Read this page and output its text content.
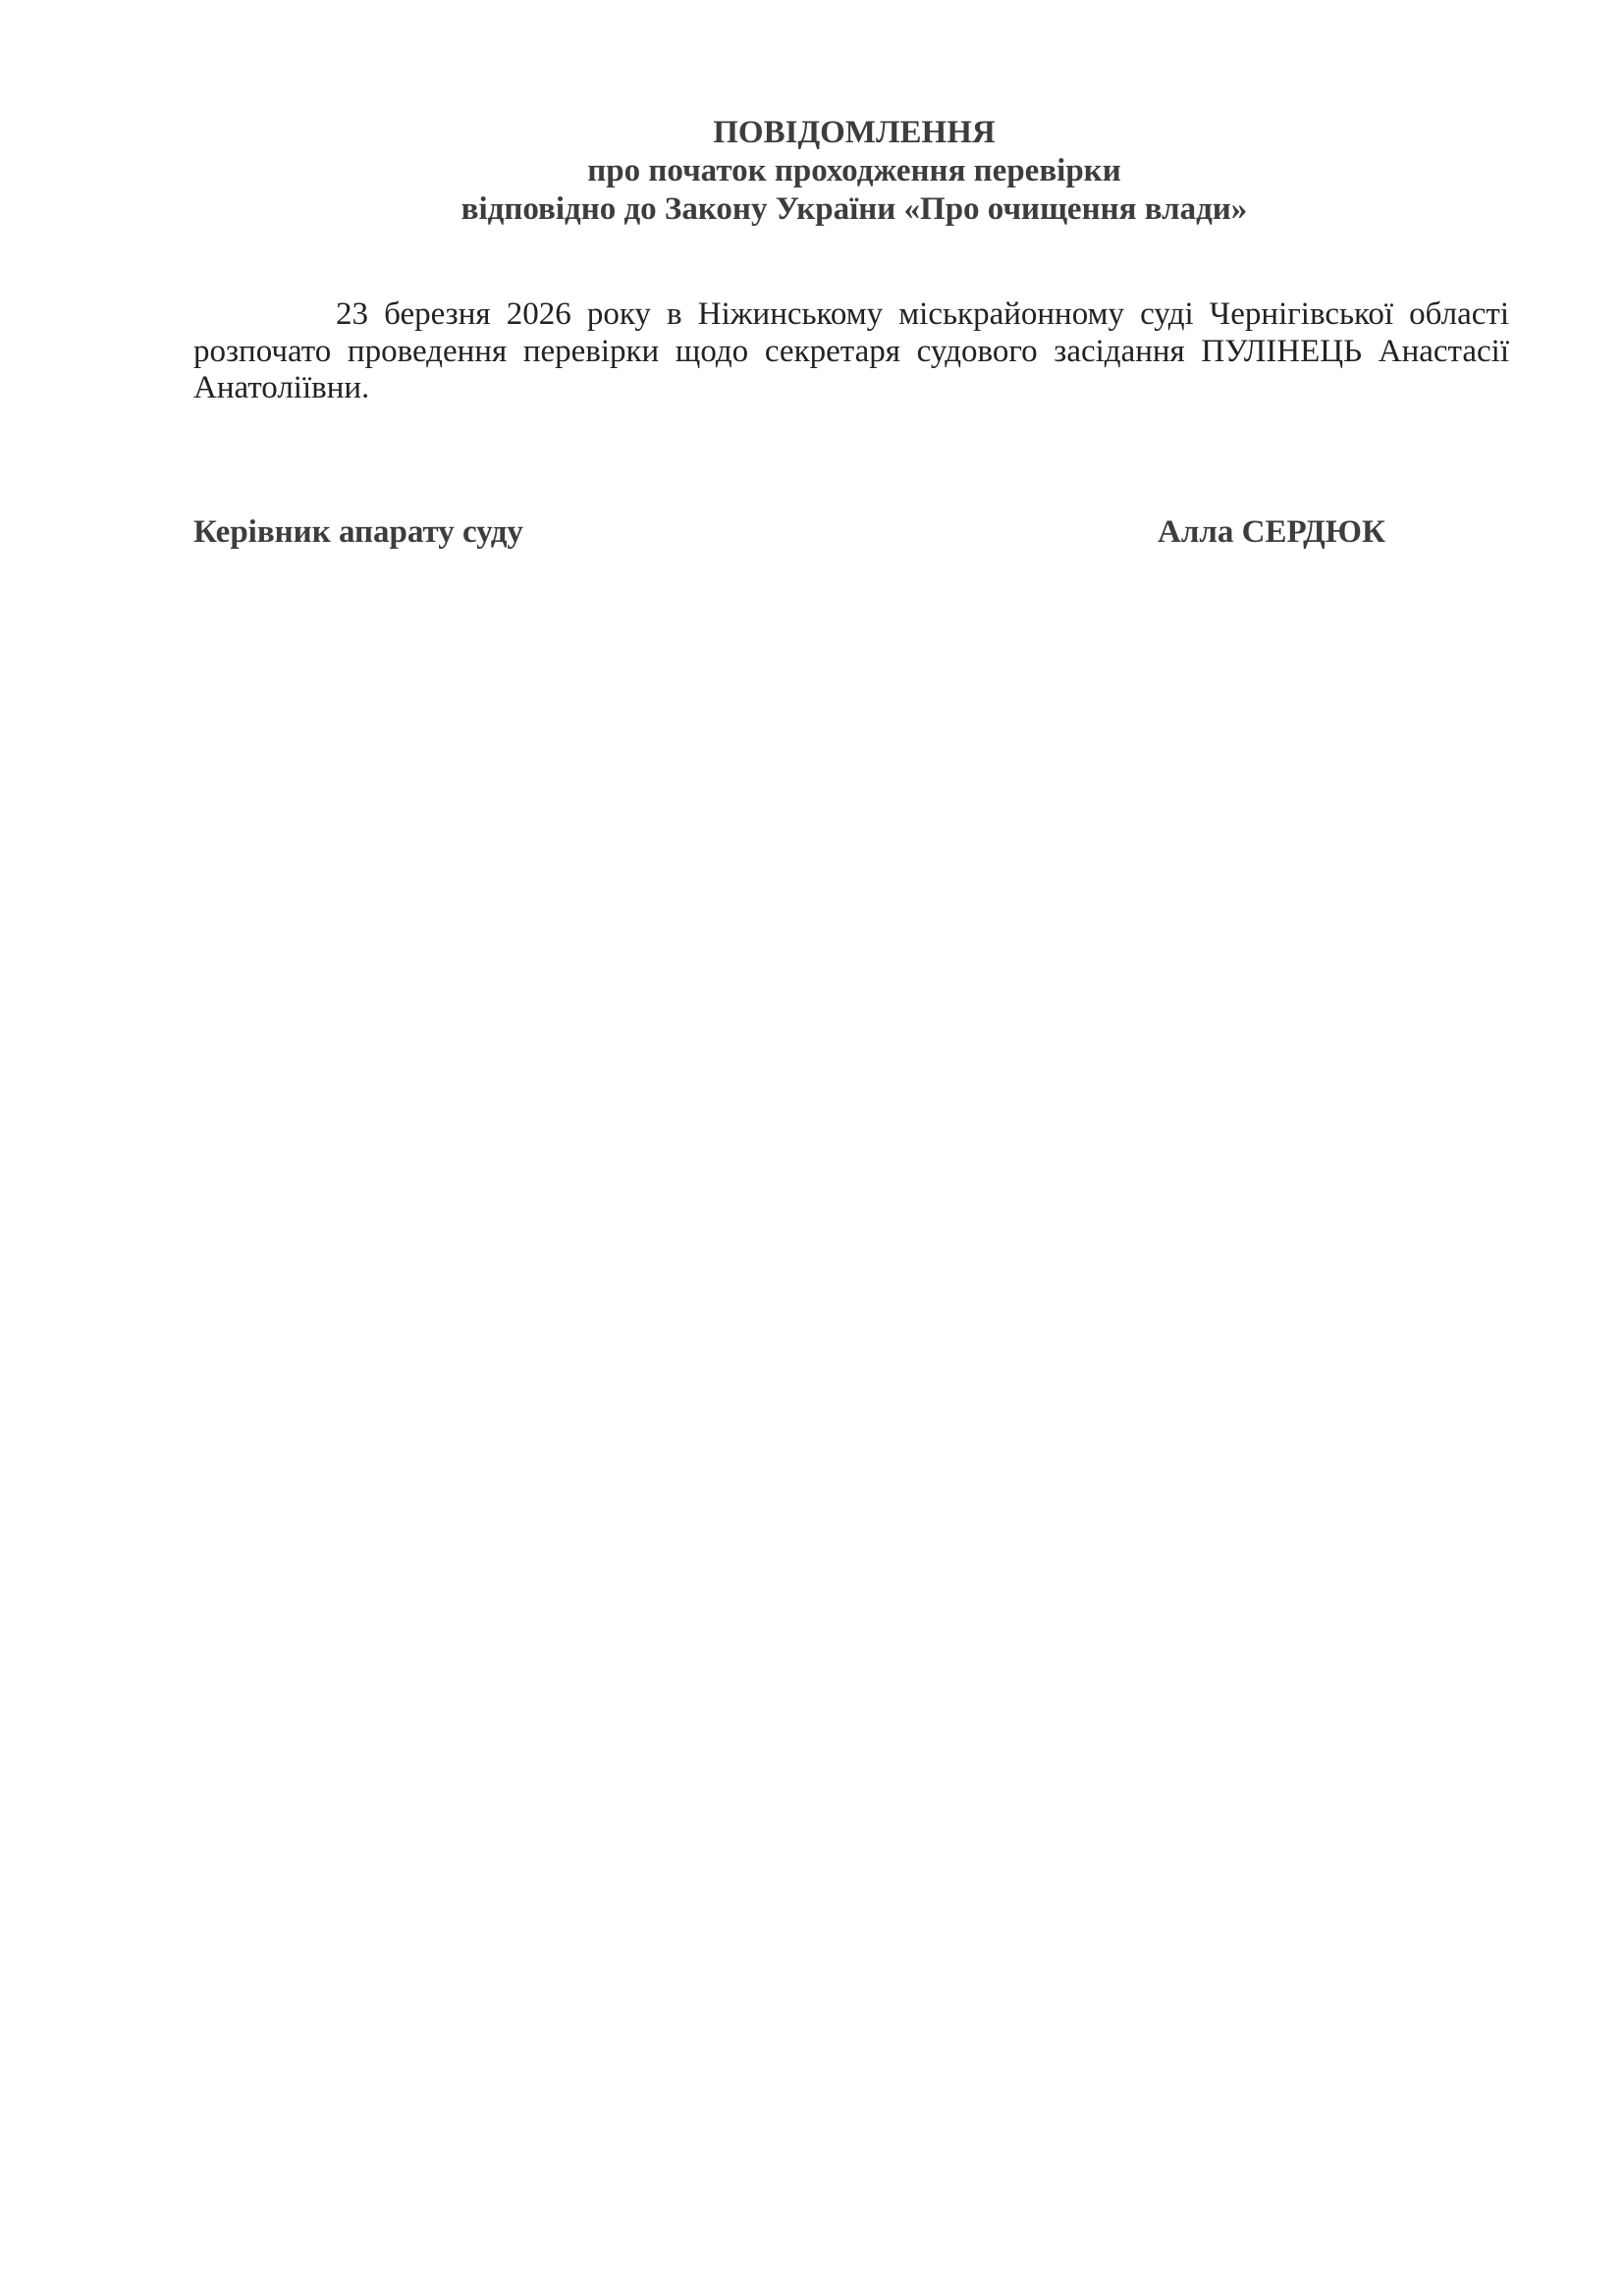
ПОВІДОМЛЕННЯ
про початок проходження перевірки
відповідно до Закону України «Про очищення влади»
23 березня 2026 року в Ніжинському міськрайонному суді Чернігівської області
розпочато проведення перевірки щодо секретаря судового засідання ПУЛІНЕЦЬ Анастасії
Анатоліївни.
Керівник апарату суду	Алла СЕРДЮК
